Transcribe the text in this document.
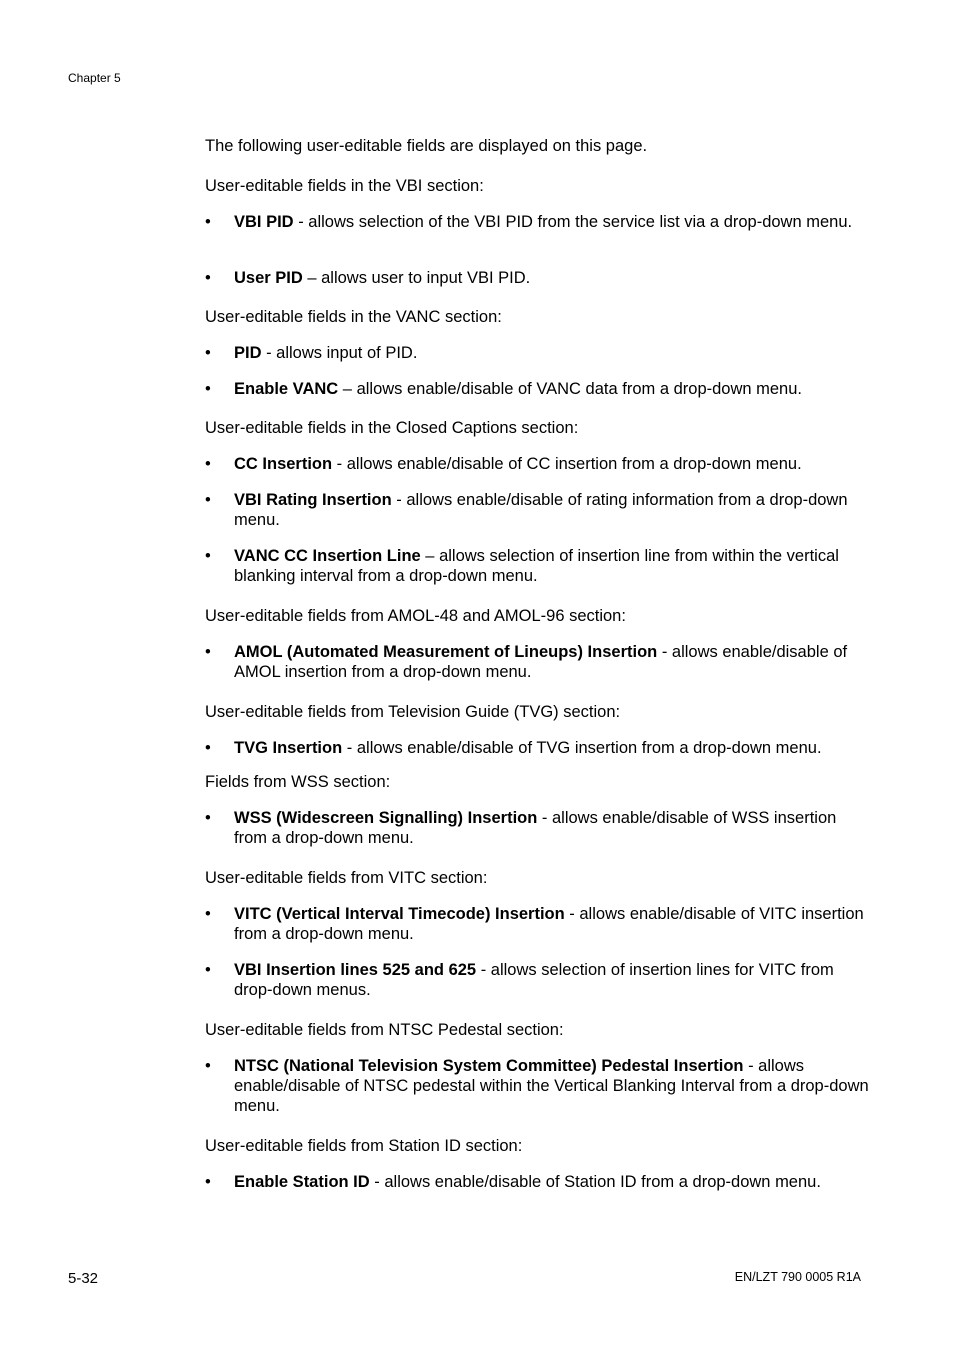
Chapter 5

The following user-editable fields are displayed on this page.

User-editable fields in the VBI section:

•	VBI PID - allows selection of the VBI PID from the service list via a drop-down menu.
•	User PID – allows user to input VBI PID.

User-editable fields in the VANC section:

•	PID - allows input of PID.
•	Enable VANC – allows enable/disable of VANC data from a drop-down menu.

User-editable fields in the Closed Captions section:

•	CC Insertion - allows enable/disable of CC insertion from a drop-down menu.
•	VBI Rating Insertion - allows enable/disable of rating information from a drop-down menu.
•	VANC CC Insertion Line – allows selection of insertion line from within the vertical blanking interval from a drop-down menu.

User-editable fields from AMOL-48 and AMOL-96 section:

•	AMOL (Automated Measurement of Lineups) Insertion - allows enable/disable of AMOL insertion from a drop-down menu.

User-editable fields from Television Guide (TVG) section:

•	TVG Insertion - allows enable/disable of TVG insertion from a drop-down menu.

Fields from WSS section:

•	WSS (Widescreen Signalling) Insertion - allows enable/disable of WSS insertion from a drop-down menu.

User-editable fields from VITC section:

•	VITC (Vertical Interval Timecode) Insertion - allows enable/disable of VITC insertion from a drop-down menu.
•	VBI Insertion lines 525 and 625 - allows selection of insertion lines for VITC from drop-down menus.

User-editable fields from NTSC Pedestal section:

•	NTSC (National Television System Committee) Pedestal Insertion - allows enable/disable of NTSC pedestal within the Vertical Blanking Interval from a drop-down menu.

User-editable fields from Station ID section:

•	Enable Station ID - allows enable/disable of Station ID from a drop-down menu.
5-32	EN/LZT 790 0005 R1A
